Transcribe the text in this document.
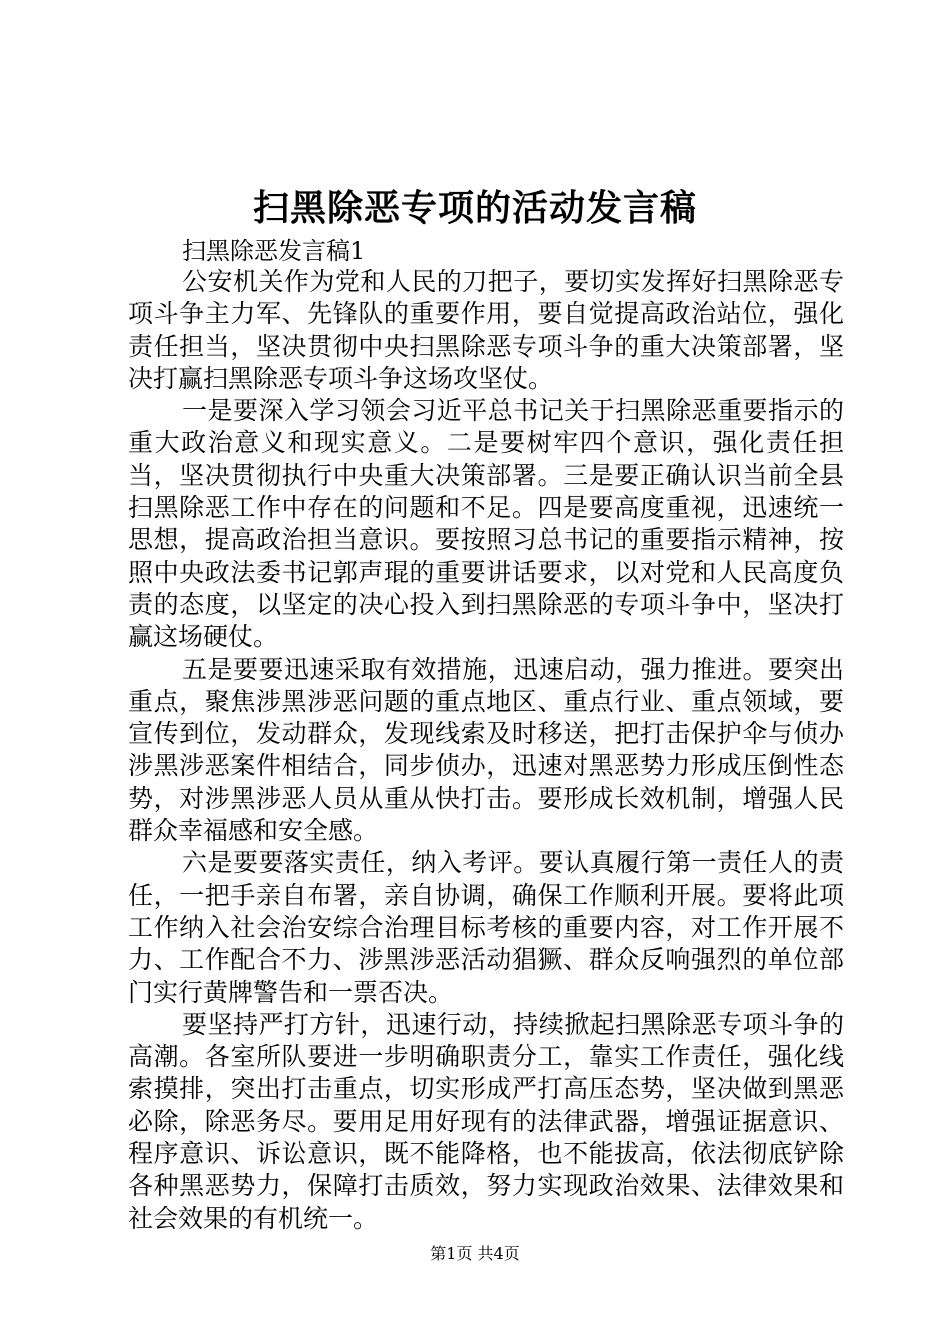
扫黑除恶专项的活动发言稿
扫黑除恶发言稿1

公安机关作为党和人民的刀把子，要切实发挥好扫黑除恶专项斗争主力军、先锋队的重要作用，要自觉提高政治站位，强化责任担当，坚决贯彻中央扫黑除恶专项斗争的重大决策部署，坚决打赢扫黑除恶专项斗争这场攻坚仗。

一是要深入学习领会习近平总书记关于扫黑除恶重要指示的重大政治意义和现实意义。二是要树牢四个意识，强化责任担当，坚决贯彻执行中央重大决策部署。三是要正确认识当前全县扫黑除恶工作中存在的问题和不足。四是要高度重视，迅速统一思想，提高政治担当意识。要按照习总书记的重要指示精神，按照中央政法委书记郭声琨的重要讲话要求，以对党和人民高度负责的态度，以坚定的决心投入到扫黑除恶的专项斗争中，坚决打赢这场硬仗。

五是要要迅速采取有效措施，迅速启动，强力推进。要突出重点，聚焦涉黑涉恶问题的重点地区、重点行业、重点领域，要宣传到位，发动群众，发现线索及时移送，把打击保护伞与侦办涉黑涉恶案件相结合，同步侦办，迅速对黑恶势力形成压倒性态势，对涉黑涉恶人员从重从快打击。要形成长效机制，增强人民群众幸福感和安全感。

六是要要落实责任，纳入考评。要认真履行第一责任人的责任，一把手亲自布署，亲自协调，确保工作顺利开展。要将此项工作纳入社会治安综合治理目标考核的重要内容，对工作开展不力、工作配合不力、涉黑涉恶活动猖獗、群众反响强烈的单位部门实行黄牌警告和一票否决。

要坚持严打方针，迅速行动，持续掀起扫黑除恶专项斗争的高潮。各室所队要进一步明确职责分工，靠实工作责任，强化线索摸排，突出打击重点，切实形成严打高压态势，坚决做到黑恶必除，除恶务尽。要用足用好现有的法律武器，增强证据意识、程序意识、诉讼意识，既不能降格，也不能拔高，依法彻底铲除各种黑恶势力，保障打击质效，努力实现政治效果、法律效果和社会效果的有机统一。

第1页 共4页
